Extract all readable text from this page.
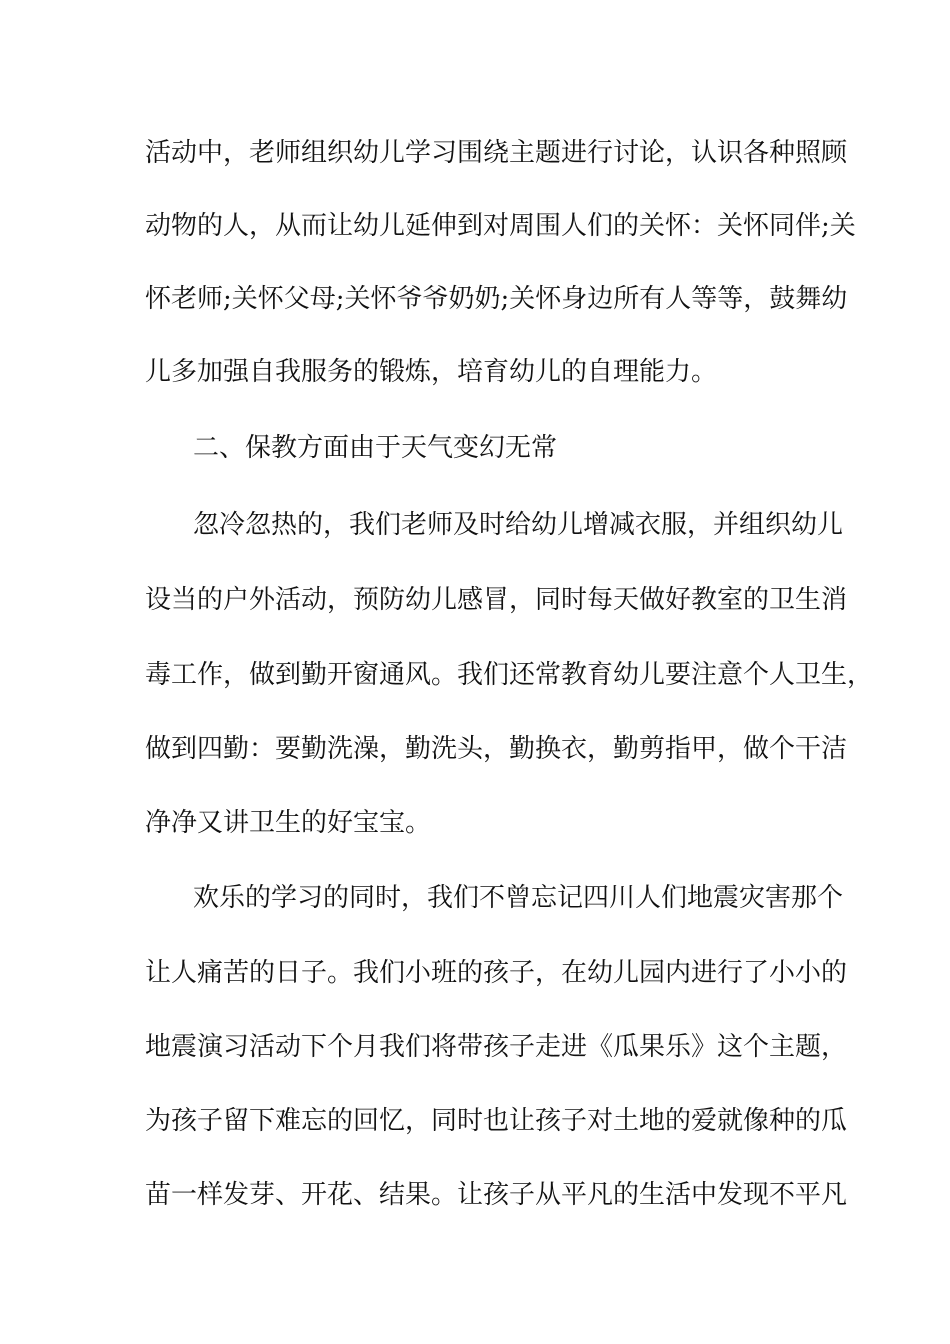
活动中，老师组织幼儿学习围绕主题进行讨论，认识各种照顾
动物的人，从而让幼儿延伸到对周围人们的关怀：关怀同伴;关
怀老师;关怀父母;关怀爷爷奶奶;关怀身边所有人等等，鼓舞幼
儿多加强自我服务的锻炼，培育幼儿的自理能力。
二、保教方面由于天气变幻无常
忽冷忽热的，我们老师及时给幼儿增减衣服，并组织幼儿
设当的户外活动，预防幼儿感冒，同时每天做好教室的卫生消
毒工作，做到勤开窗通风。我们还常教育幼儿要注意个人卫生，
做到四勤：要勤洗澡，勤洗头，勤换衣，勤剪指甲，做个干洁
净净又讲卫生的好宝宝。
欢乐的学习的同时，我们不曾忘记四川人们地震灾害那个
让人痛苦的日子。我们小班的孩子，在幼儿园内进行了小小的
地震演习活动下个月我们将带孩子走进《瓜果乐》这个主题，
为孩子留下难忘的回忆，同时也让孩子对土地的爱就像种的瓜
苗一样发芽、开花、结果。让孩子从平凡的生活中发现不平凡
